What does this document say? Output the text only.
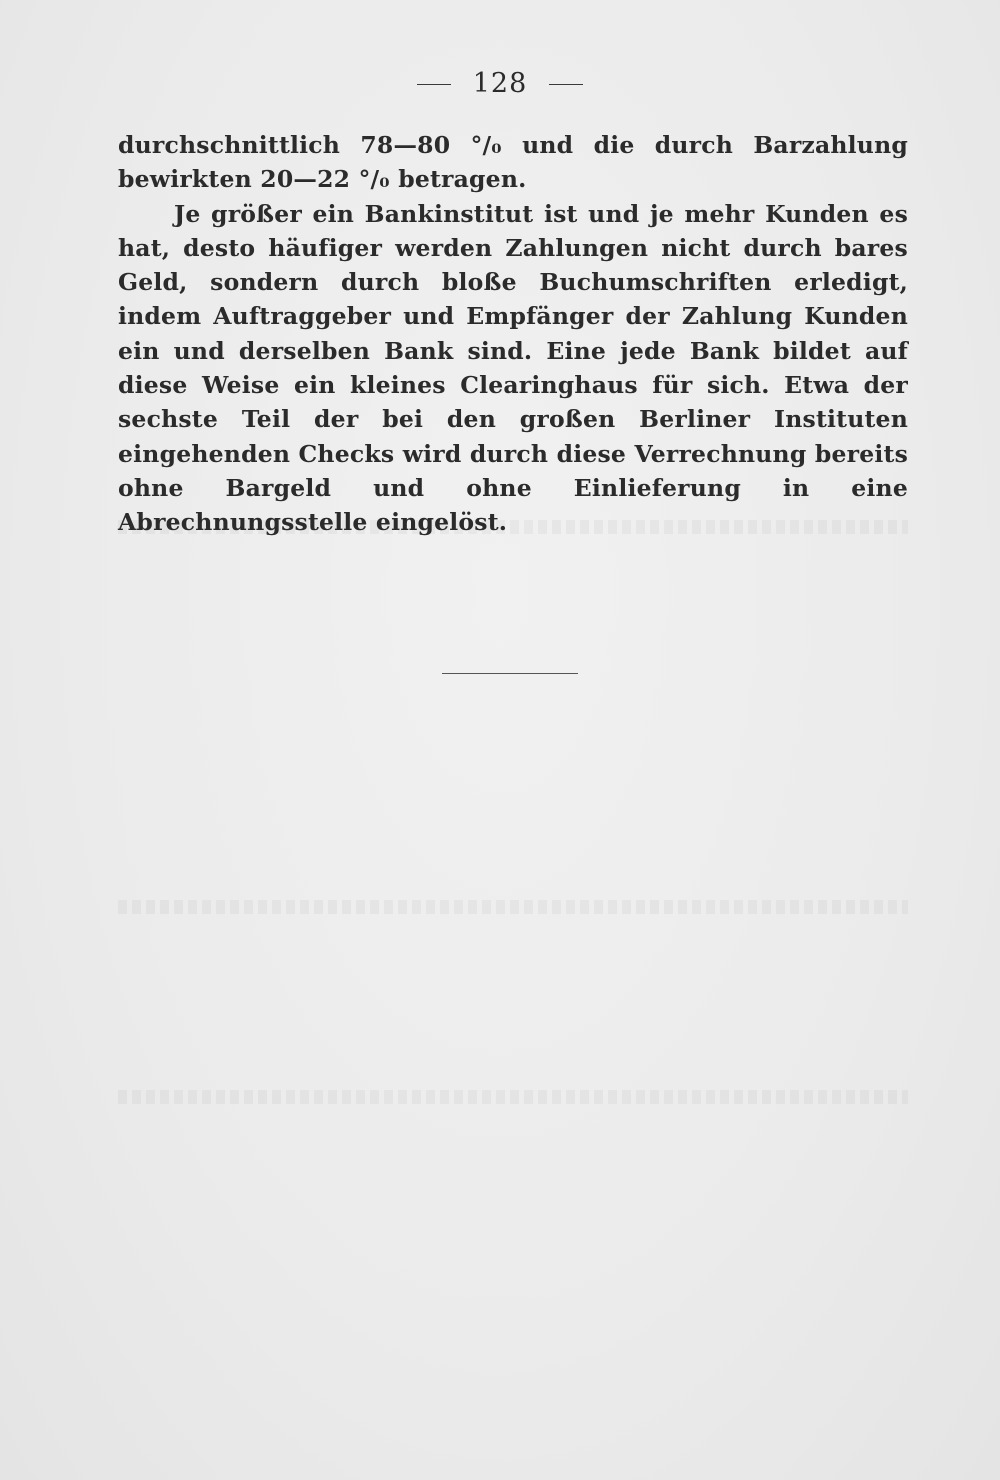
128

durchschnittlich 78—80 °/₀ und die durch Barzahlung bewirkten 20—22 °/₀ betragen.

Je größer ein Bankinstitut ist und je mehr Kunden es hat, desto häufiger werden Zahlungen nicht durch bares Geld, sondern durch bloße Buchumschriften erledigt, indem Auftraggeber und Empfänger der Zahlung Kunden ein und derselben Bank sind. Eine jede Bank bildet auf diese Weise ein kleines Clearinghaus für sich. Etwa der sechste Teil der bei den großen Berliner Instituten eingehenden Checks wird durch diese Verrechnung bereits ohne Bargeld und ohne Einlieferung in eine Abrechnungsstelle eingelöst.
